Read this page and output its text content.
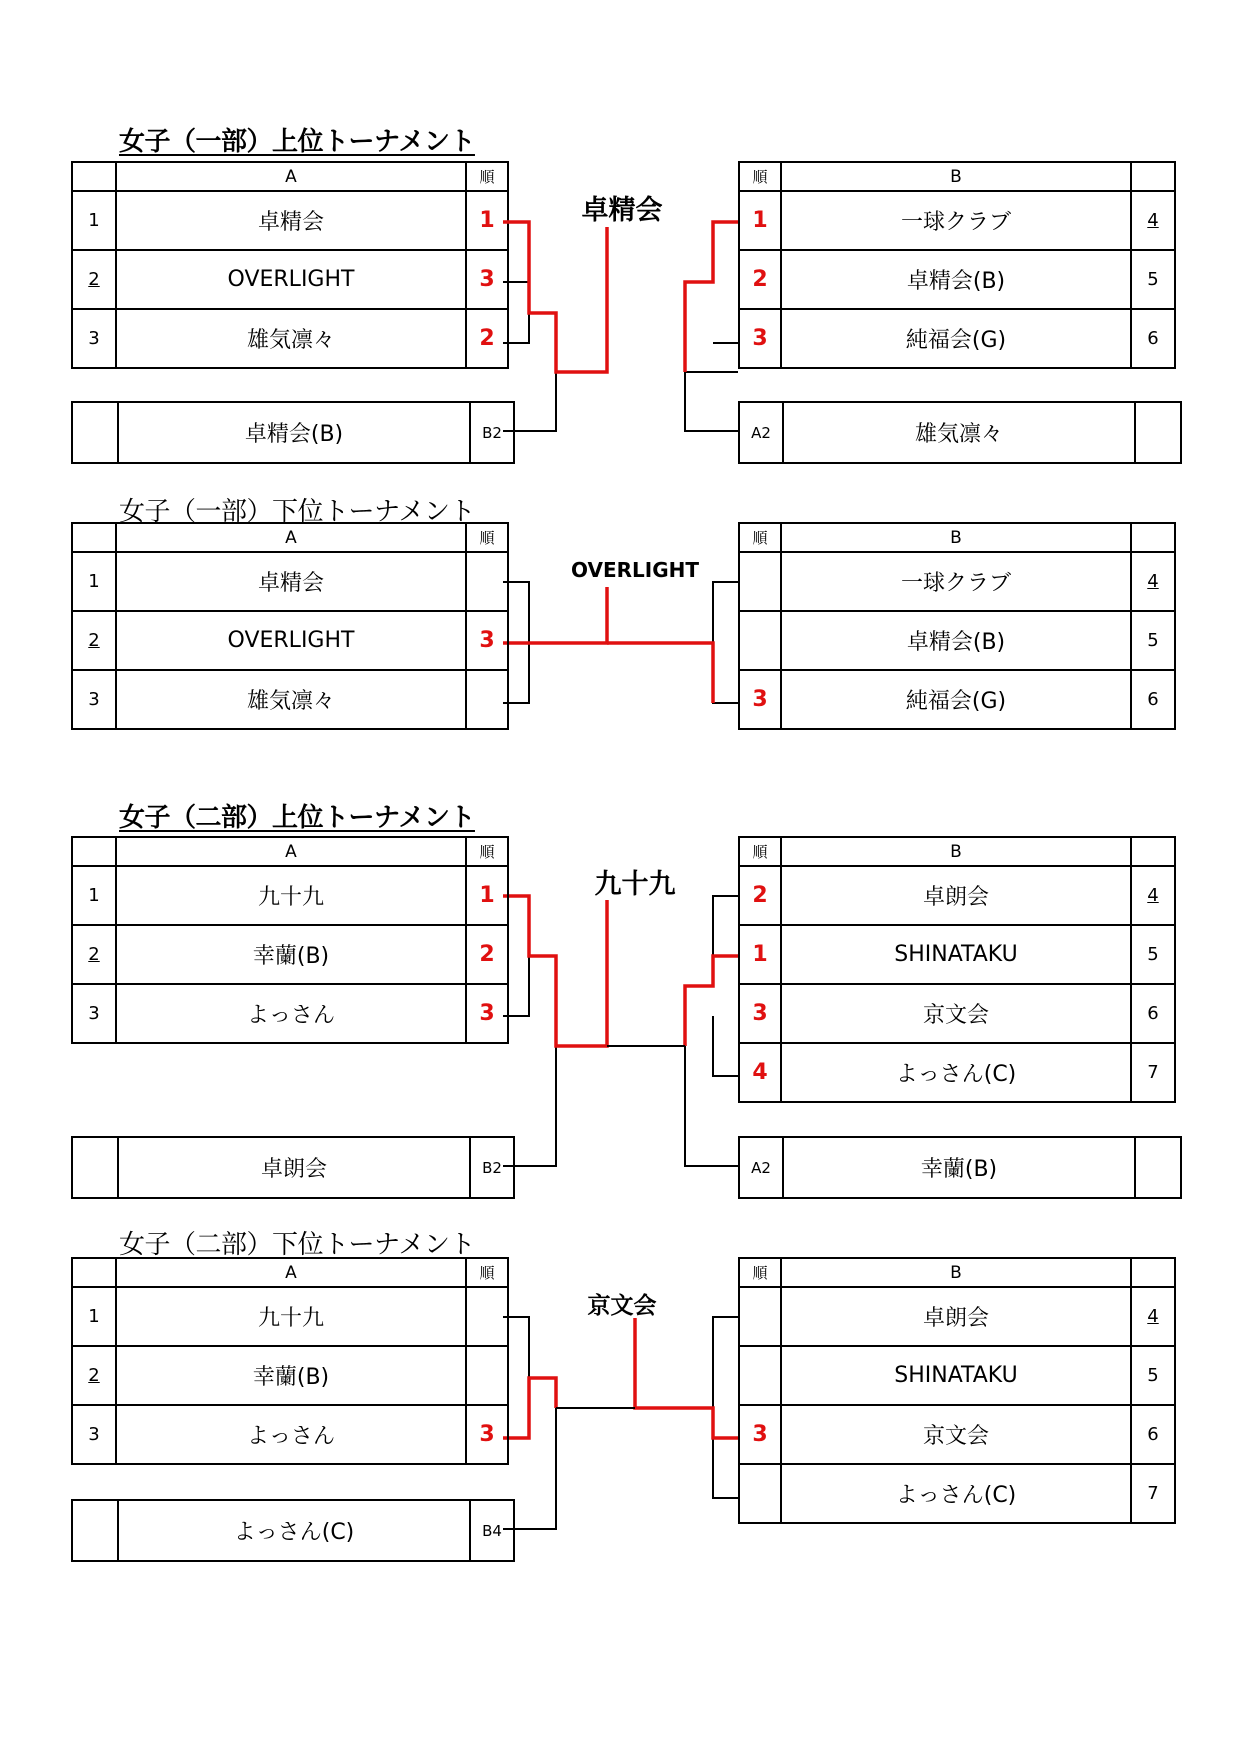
女子（一部）上位トーナメント
	A	順
1	卓精会	1
2	OVERLIGHT	3
3	雄気凛々	2
順	B	
1	一球クラブ	4
2	卓精会(B)	5
3	純福会(G)	6
	卓精会(B)	B2	A2	雄気凛々	
卓精会
女子（一部）下位トーナメント
	A	順
1	卓精会	
2	OVERLIGHT	3
3	雄気凛々	
順	B	
	一球クラブ	4
	卓精会(B)	5
3	純福会(G)	6
OVERLIGHT
女子（二部）上位トーナメント
	A	順
1	九十九	1
2	幸蘭(B)	2
3	よっさん	3
順	B	
2	卓朗会	4
1	SHINATAKU	5
3	京文会	6
4	よっさん(C)	7
	卓朗会	B2	A2	幸蘭(B)	
九十九
女子（二部）下位トーナメント
	A	順
1	九十九	
2	幸蘭(B)	
3	よっさん	3
順	B	
	卓朗会	4
	SHINATAKU	5
3	京文会	6
	よっさん(C)	7
	よっさん(C)	B4
京文会
